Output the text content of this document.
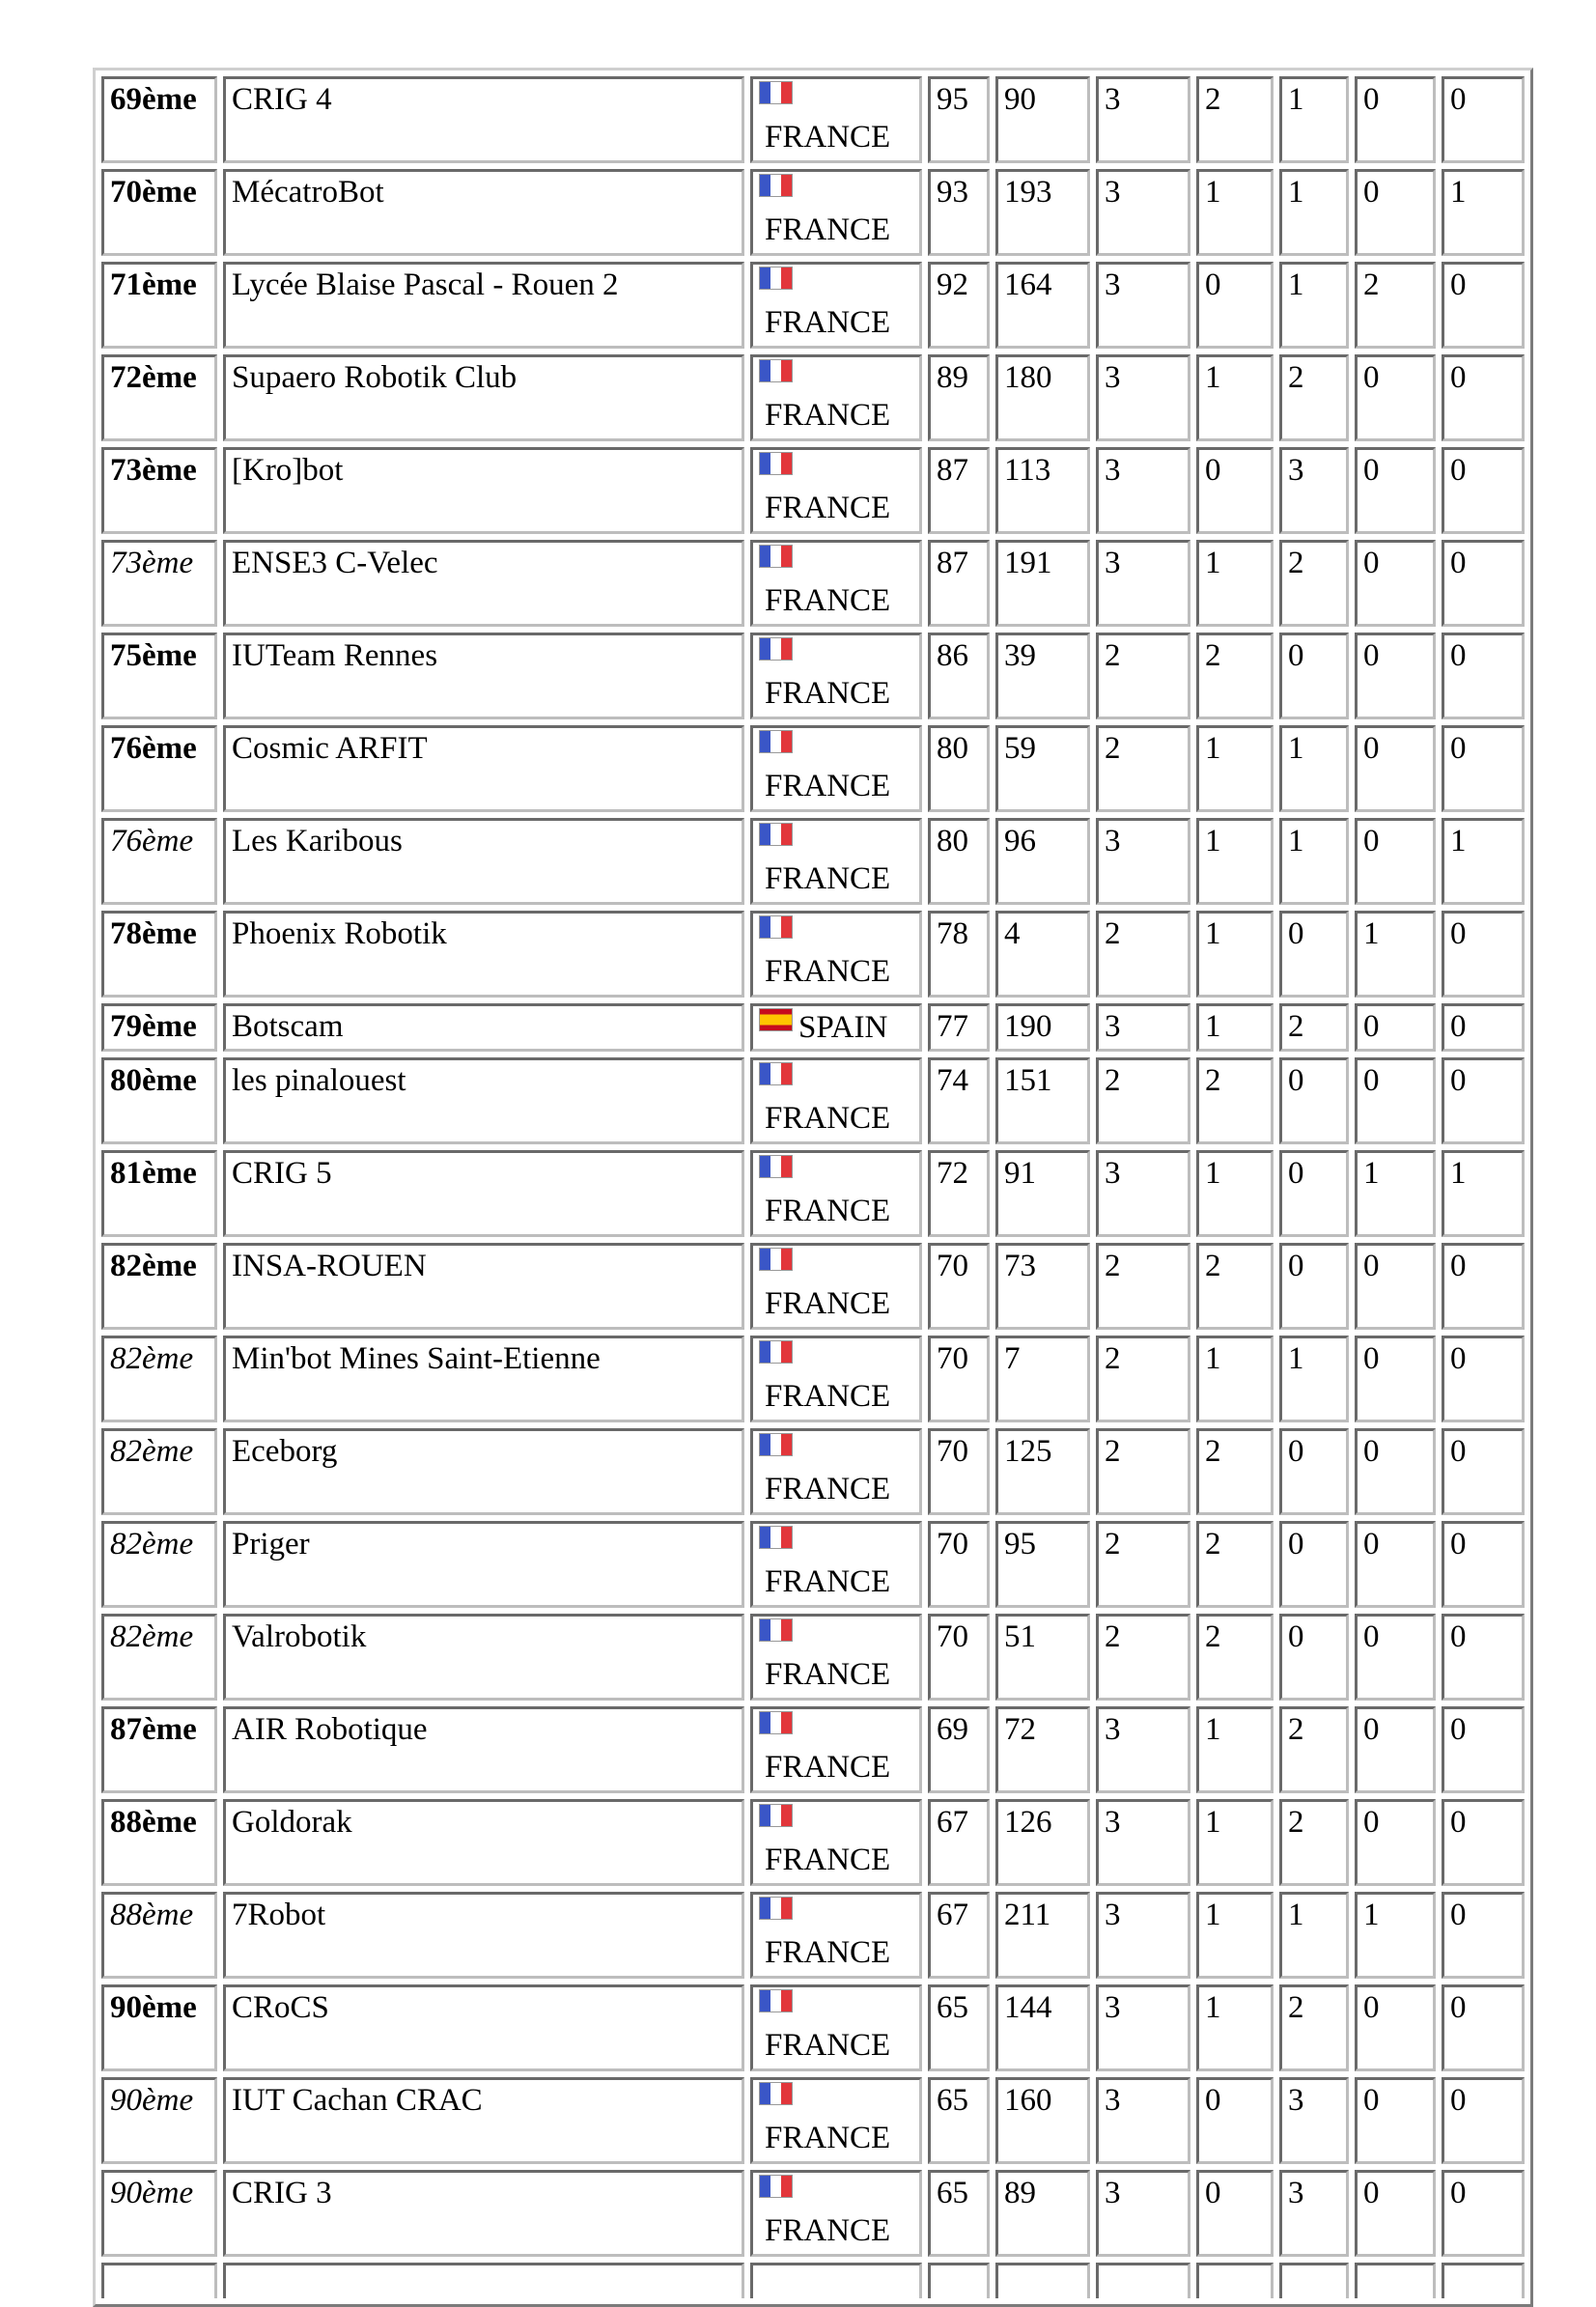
69ème	CRIG 4	FRANCE	95	90	3	2	1	0	0
70ème	MécatroBot	FRANCE	93	193	3	1	1	0	1
71ème	Lycée Blaise Pascal - Rouen 2	FRANCE	92	164	3	0	1	2	0
72ème	Supaero Robotik Club	FRANCE	89	180	3	1	2	0	0
73ème	[Kro]bot	FRANCE	87	113	3	0	3	0	0
73ème	ENSE3 C-Velec	FRANCE	87	191	3	1	2	0	0
75ème	IUTeam Rennes	FRANCE	86	39	2	2	0	0	0
76ème	Cosmic ARFIT	FRANCE	80	59	2	1	1	0	0
76ème	Les Karibous	FRANCE	80	96	3	1	1	0	1
78ème	Phoenix Robotik	FRANCE	78	4	2	1	0	1	0
79ème	Botscam	SPAIN	77	190	3	1	2	0	0
80ème	les pinalouest	FRANCE	74	151	2	2	0	0	0
81ème	CRIG 5	FRANCE	72	91	3	1	0	1	1
82ème	INSA-ROUEN	FRANCE	70	73	2	2	0	0	0
82ème	Min'bot Mines Saint-Etienne	FRANCE	70	7	2	1	1	0	0
82ème	Eceborg	FRANCE	70	125	2	2	0	0	0
82ème	Priger	FRANCE	70	95	2	2	0	0	0
82ème	Valrobotik	FRANCE	70	51	2	2	0	0	0
87ème	AIR Robotique	FRANCE	69	72	3	1	2	0	0
88ème	Goldorak	FRANCE	67	126	3	1	2	0	0
88ème	7Robot	FRANCE	67	211	3	1	1	1	0
90ème	CRoCS	FRANCE	65	144	3	1	2	0	0
90ème	IUT Cachan CRAC	FRANCE	65	160	3	0	3	0	0
90ème	CRIG 3	FRANCE	65	89	3	0	3	0	0
